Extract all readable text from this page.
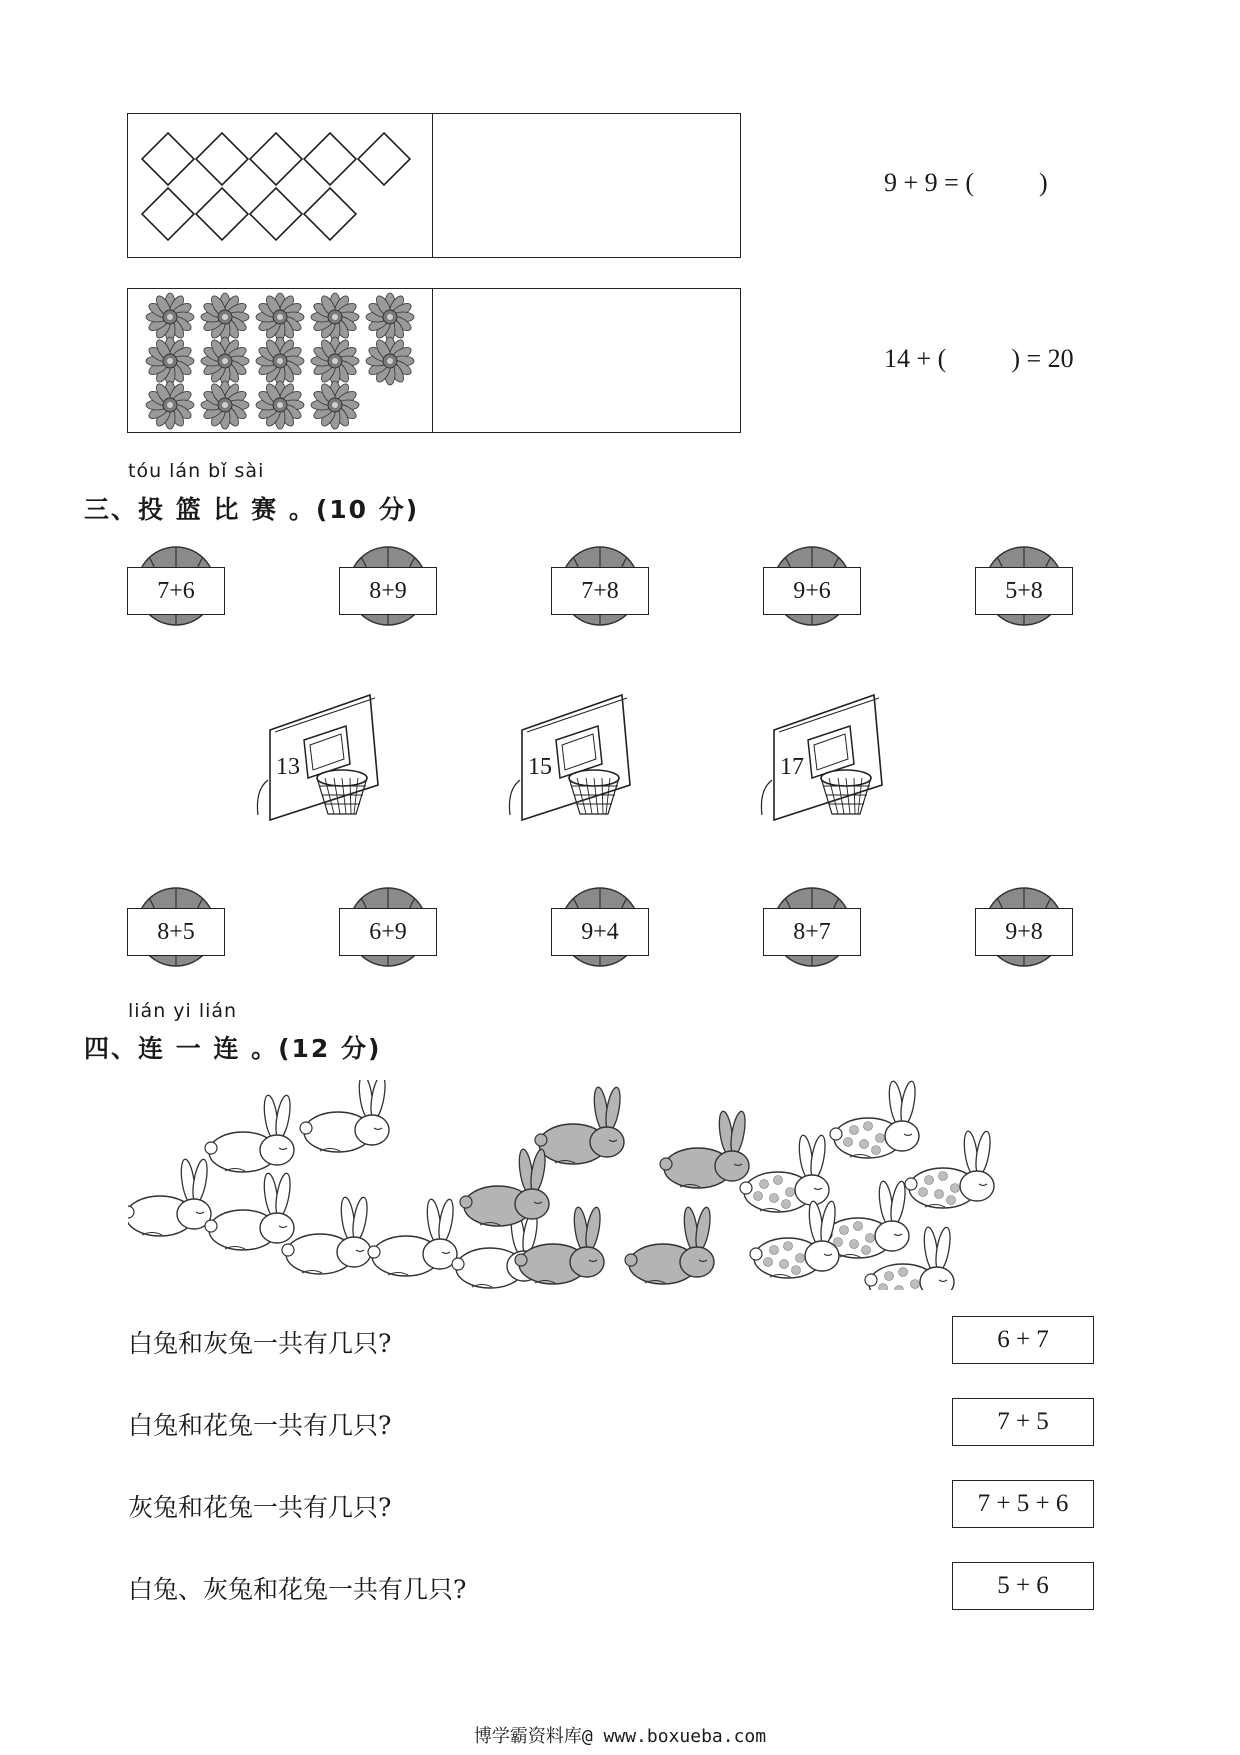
9 + 9 = (          )
14 + (          ) = 20
tóu lán bǐ sài
三、投 篮 比 赛 。(10 分)
7+6	8+9	7+8	9+6	5+8
13	15	17
8+5	6+9	9+4	8+7	9+8
lián yi lián
四、连 一 连 。(12 分)
白兔和灰兔一共有几只?
白兔和花兔一共有几只?
灰兔和花兔一共有几只?
白兔、灰兔和花兔一共有几只?
6 + 7
7 + 5
7 + 5 + 6
5 + 6
博学霸资料库@ www.boxueba.com
